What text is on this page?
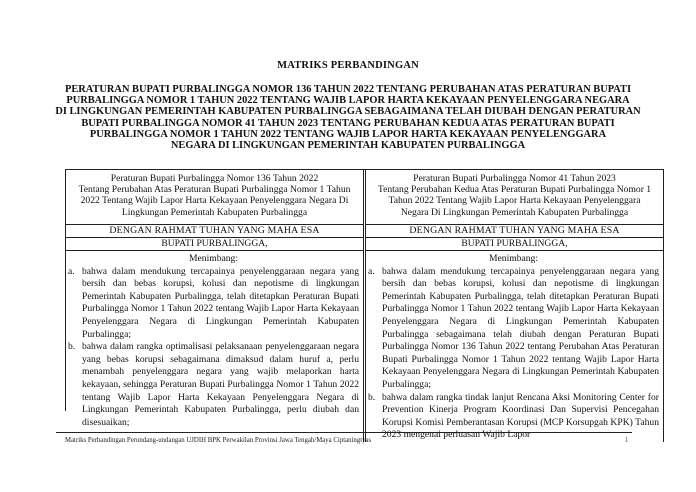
MATRIKS PERBANDINGAN
PERATURAN BUPATI PURBALINGGA NOMOR 136 TAHUN 2022 TENTANG PERUBAHAN ATAS PERATURAN BUPATI
PURBALINGGA NOMOR 1 TAHUN 2022 TENTANG WAJIB LAPOR HARTA KEKAYAAN PENYELENGGARA NEGARA
DI LINGKUNGAN PEMERINTAH KABUPATEN PURBALINGGA SEBAGAIMANA TELAH DIUBAH DENGAN PERATURAN
BUPATI PURBALINGGA NOMOR 41 TAHUN 2023 TENTANG PERUBAHAN KEDUA ATAS PERATURAN BUPATI
PURBALINGGA NOMOR 1 TAHUN 2022 TENTANG WAJIB LAPOR HARTA KEKAYAAN PENYELENGGARA
NEGARA DI LINGKUNGAN PEMERINTAH KABUPATEN PURBALINGGA
Peraturan Bupati Purbalingga Nomor 136 Tahun 2022
Tentang Perubahan Atas Peraturan Bupati Purbalingga Nomor 1 Tahun
2022 Tentang Wajib Lapor Harta Kekayaan Penyelenggara Negara Di
Lingkungan Pemerintah Kabupaten Purbalingga
DENGAN RAHMAT TUHAN YANG MAHA ESA
BUPATI PURBALINGGA,
Menimbang:
a. bahwa dalam mendukung tercapainya penyelenggaraan negara yang bersih dan bebas korupsi, kolusi dan nepotisme di lingkungan Pemerintah Kabupaten Purbalingga, telah ditetapkan Peraturan Bupati Purbalingga Nomor 1 Tahun 2022 tentang Wajib Lapor Harta Kekayaan Penyelenggara Negara di Lingkungan Pemerintah Kabupaten Purbalingga;
b. bahwa dalam rangka optimalisasi pelaksanaan penyelenggaraan negara yang bebas korupsi sebagaimana dimaksud dalam huruf a, perlu menambah penyelenggara negara yang wajib melaporkan harta kekayaan, sehingga Peraturan Bupati Purbalingga Nomor 1 Tahun 2022 tentang Wajib Lapor Harta Kekayaan Penyelenggara Negara di Lingkungan Pemerintah Kabupaten Purbalingga, perlu diubah dan disesuaikan;
Peraturan Bupati Purbalingga Nomor 41 Tahun 2023
Tentang Perubahan Kedua Atas Peraturan Bupati Purbalingga Nomor 1
Tahun 2022 Tentang Wajib Lapor Harta Kekayaan Penyelenggara
Negara Di Lingkungan Pemerintah Kabupaten Purbalingga
DENGAN RAHMAT TUHAN YANG MAHA ESA
BUPATI PURBALINGGA,
Menimbang:
a. bahwa dalam mendukung tercapainya penyelenggaraan negara yang bersih dan bebas korupsi, kolusi dan nepotisme di lingkungan Pemerintah Kabupaten Purbalingga, telah ditetapkan Peraturan Bupati Purbalingga Nomor 1 Tahun 2022 tentang Wajib Lapor Harta Kekayaan Penyelenggara Negara di Lingkungan Pemerintah Kabupaten Purbalingga sebagaimana telah diubah dengan Peraturan Bupati Purbalingga Nomor 136 Tahun 2022 tentang Perubahan Atas Peraturan Bupati Purbalingga Nomor 1 Tahun 2022 tentang Wajib Lapor Harta Kekayaan Penyelenggara Negara di Lingkungan Pemerintah Kabupaten Purbalingga;
b. bahwa dalam rangka tindak lanjut Rencana Aksi Monitoring Center for Prevention Kinerja Program Koordinasi Dan Supervisi Pencegahan Korupsi Komisi Pemberantasan Korupsi (MCP Korsupgah KPK) Tahun 2023 mengenai perluasan Wajib Lapor
Matriks Perbandingan Perundang-undangan UJDIH BPK Perwakilan Provinsi Jawa Tengah/Maya Ciptaningtyas	1
